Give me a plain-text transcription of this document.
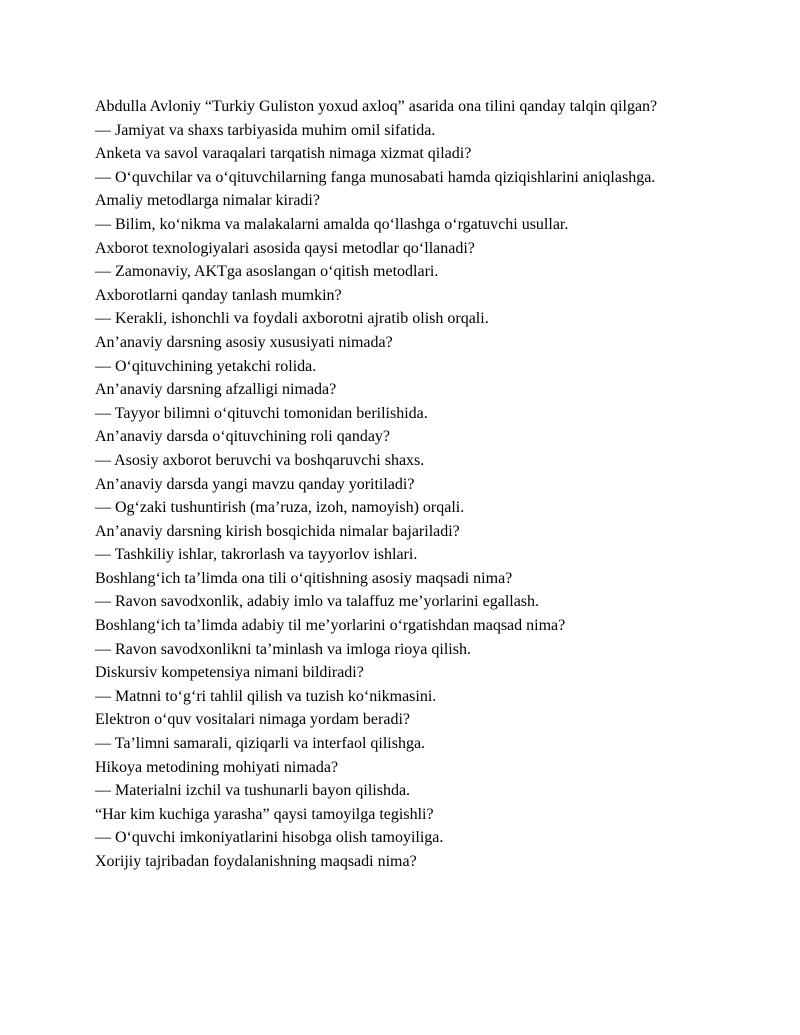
Abdulla Avloniy “Turkiy Guliston yoxud axloq” asarida ona tilini qanday talqin qilgan?

— Jamiyat va shaxs tarbiyasida muhim omil sifatida.

Anketa va savol varaqalari tarqatish nimaga xizmat qiladi?

— O‘quvchilar va o‘qituvchilarning fanga munosabati hamda qiziqishlarini aniqlashga.

Amaliy metodlarga nimalar kiradi?

— Bilim, ko‘nikma va malakalarni amalda qo‘llashga o‘rgatuvchi usullar.

Axborot texnologiyalari asosida qaysi metodlar qo‘llanadi?

— Zamonaviy, AKTga asoslangan o‘qitish metodlari.

Axborotlarni qanday tanlash mumkin?

— Kerakli, ishonchli va foydali axborotni ajratib olish orqali.

An’anaviy darsning asosiy xususiyati nimada?

— O‘qituvchining yetakchi rolida.

An’anaviy darsning afzalligi nimada?

— Tayyor bilimni o‘qituvchi tomonidan berilishida.

An’anaviy darsda o‘qituvchining roli qanday?

— Asosiy axborot beruvchi va boshqaruvchi shaxs.

An’anaviy darsda yangi mavzu qanday yoritiladi?

— Og‘zaki tushuntirish (ma’ruza, izoh, namoyish) orqali.

An’anaviy darsning kirish bosqichida nimalar bajariladi?

— Tashkiliy ishlar, takrorlash va tayyorlov ishlari.

Boshlang‘ich ta’limda ona tili o‘qitishning asosiy maqsadi nima?

— Ravon savodxonlik, adabiy imlo va talaffuz me’yorlarini egallash.

Boshlang‘ich ta’limda adabiy til me’yorlarini o‘rgatishdan maqsad nima?

— Ravon savodxonlikni ta’minlash va imloga rioya qilish.

Diskursiv kompetensiya nimani bildiradi?

— Matnni to‘g‘ri tahlil qilish va tuzish ko‘nikmasini.

Elektron o‘quv vositalari nimaga yordam beradi?

— Ta’limni samarali, qiziqarli va interfaol qilishga.

Hikoya metodining mohiyati nimada?

— Materialni izchil va tushunarli bayon qilishda.

“Har kim kuchiga yarasha” qaysi tamoyilga tegishli?

— O‘quvchi imkoniyatlarini hisobga olish tamoyiliga.

Xorijiy tajribadan foydalanishning maqsadi nima?
